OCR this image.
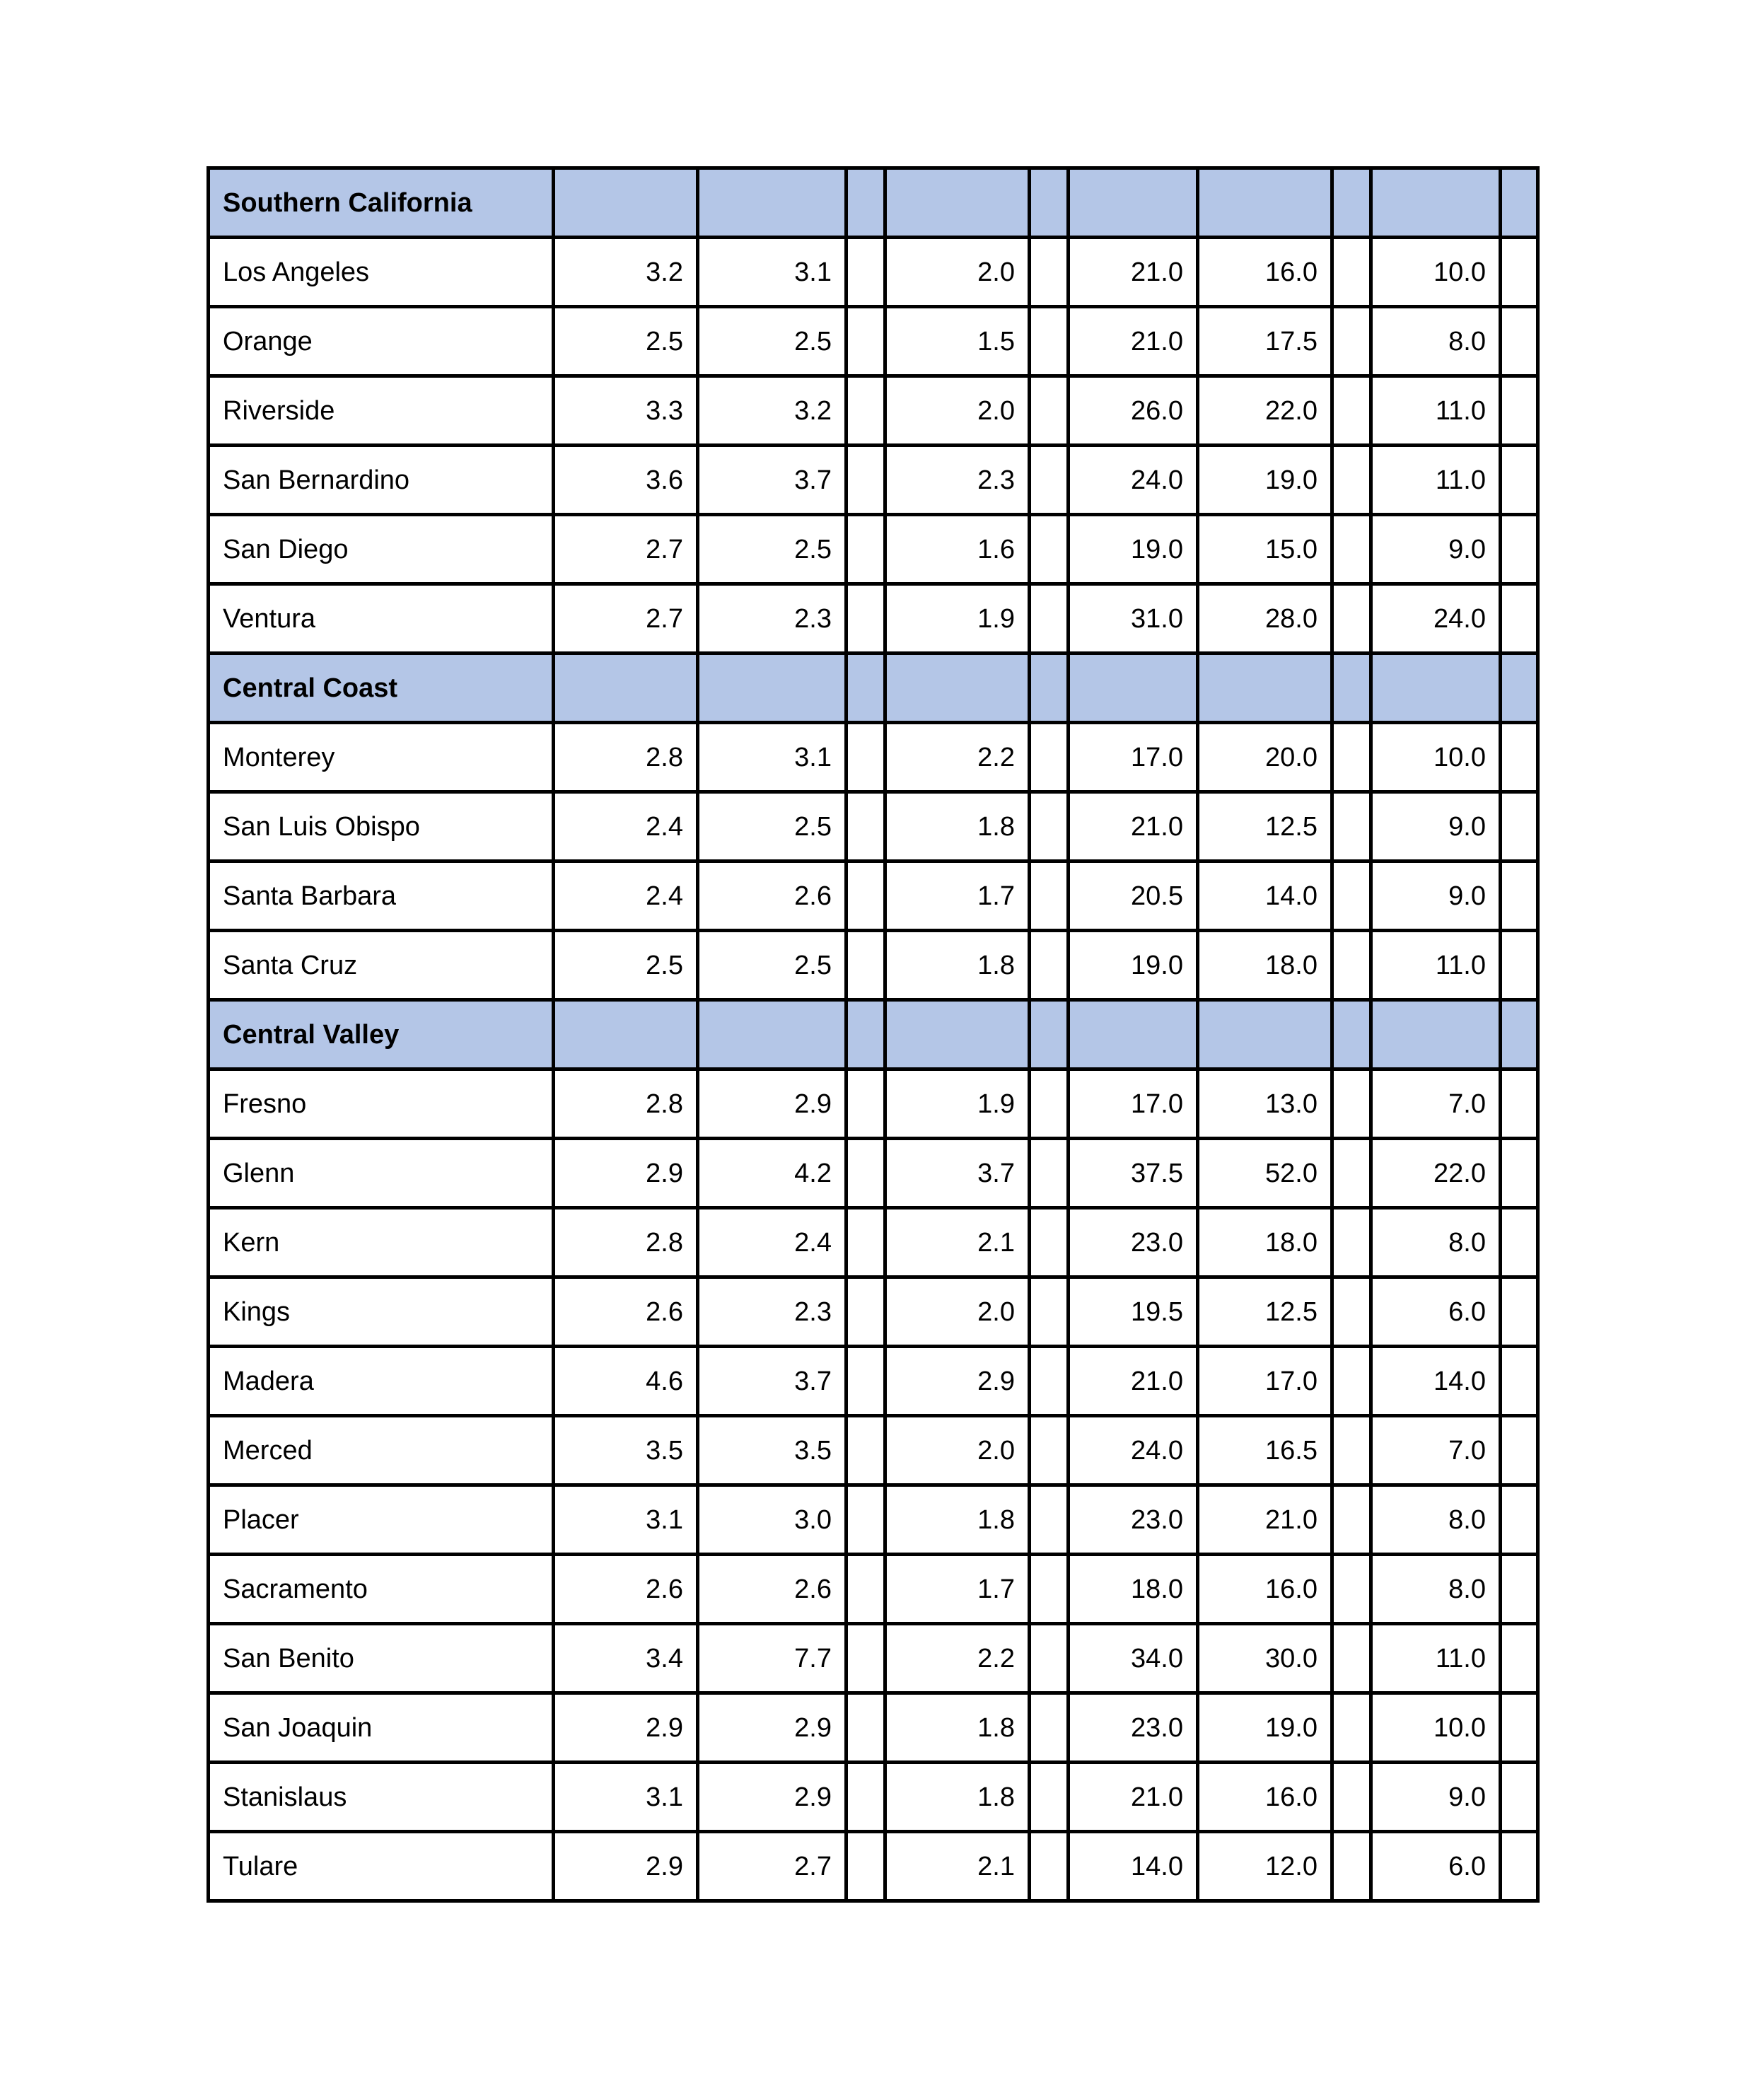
Southern California										
Los Angeles	3.2	3.1		2.0		21.0	16.0		10.0	
Orange	2.5	2.5		1.5		21.0	17.5		8.0	
Riverside	3.3	3.2		2.0		26.0	22.0		11.0	
San Bernardino	3.6	3.7		2.3		24.0	19.0		11.0	
San Diego	2.7	2.5		1.6		19.0	15.0		9.0	
Ventura	2.7	2.3		1.9		31.0	28.0		24.0	
Central Coast										
Monterey	2.8	3.1		2.2		17.0	20.0		10.0	
San Luis Obispo	2.4	2.5		1.8		21.0	12.5		9.0	
Santa Barbara	2.4	2.6		1.7		20.5	14.0		9.0	
Santa Cruz	2.5	2.5		1.8		19.0	18.0		11.0	
Central Valley										
Fresno	2.8	2.9		1.9		17.0	13.0		7.0	
Glenn	2.9	4.2		3.7		37.5	52.0		22.0	
Kern	2.8	2.4		2.1		23.0	18.0		8.0	
Kings	2.6	2.3		2.0		19.5	12.5		6.0	
Madera	4.6	3.7		2.9		21.0	17.0		14.0	
Merced	3.5	3.5		2.0		24.0	16.5		7.0	
Placer	3.1	3.0		1.8		23.0	21.0		8.0	
Sacramento	2.6	2.6		1.7		18.0	16.0		8.0	
San Benito	3.4	7.7		2.2		34.0	30.0		11.0	
San Joaquin	2.9	2.9		1.8		23.0	19.0		10.0	
Stanislaus	3.1	2.9		1.8		21.0	16.0		9.0	
Tulare	2.9	2.7		2.1		14.0	12.0		6.0	
